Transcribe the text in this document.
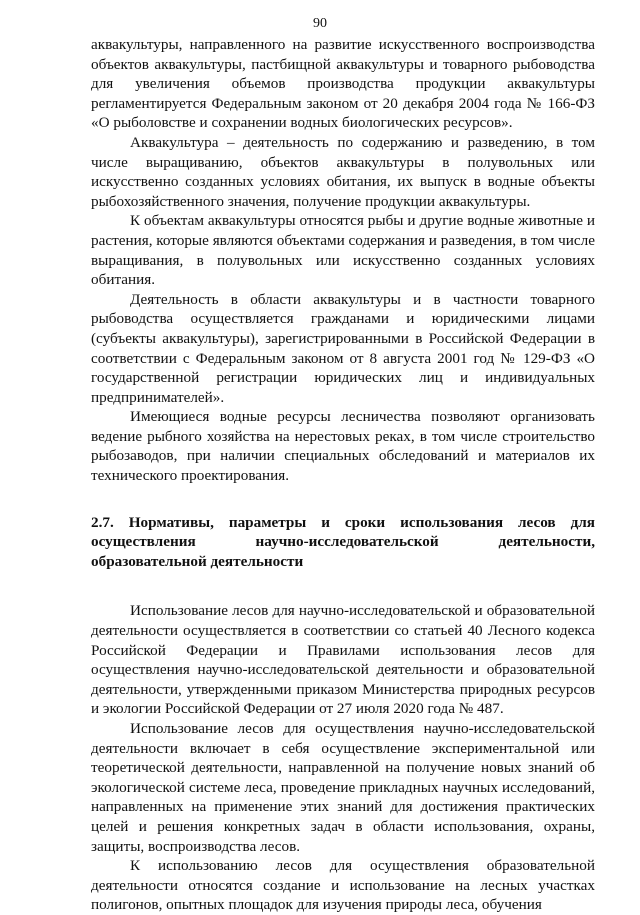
90

аквакультуры, направленного на развитие искусственного воспроизводства объектов аквакультуры, пастбищной аквакультуры и товарного рыбоводства для увеличения объемов производства продукции аквакультуры регламентируется Федеральным законом от 20 декабря 2004 года № 166-ФЗ «О рыболовстве и сохранении водных биологических ресурсов».

Аквакультура – деятельность по содержанию и разведению, в том числе выращиванию, объектов аквакультуры в полувольных или искусственно созданных условиях обитания, их выпуск в водные объекты рыбохозяйственного значения, получение продукции аквакультуры.

К объектам аквакультуры относятся рыбы и другие водные животные и растения, которые являются объектами содержания и разведения, в том числе выращивания, в полувольных или искусственно созданных условиях обитания.

Деятельность в области аквакультуры и в частности товарного рыбоводства осуществляется гражданами и юридическими лицами (субъекты аквакультуры), зарегистрированными в Российской Федерации в соответствии с Федеральным законом от 8 августа 2001 год № 129-ФЗ «О государственной регистрации юридических лиц и индивидуальных предпринимателей».

Имеющиеся водные ресурсы лесничества позволяют организовать ведение рыбного хозяйства на нерестовых реках, в том числе строительство рыбозаводов, при наличии специальных обследований и материалов их технического проектирования.

2.7. Нормативы, параметры и сроки использования лесов для осуществления научно-исследовательской деятельности, образовательной деятельности

Использование лесов для научно-исследовательской и образовательной деятельности осуществляется в соответствии со статьей 40 Лесного кодекса Российской Федерации и Правилами использования лесов для осуществления научно-исследовательской деятельности и образовательной деятельности, утвержденными приказом Министерства природных ресурсов и экологии Российской Федерации от 27 июля 2020 года № 487.

Использование лесов для осуществления научно-исследовательской деятельности включает в себя осуществление экспериментальной или теоретической деятельности, направленной на получение новых знаний об экологической системе леса, проведение прикладных научных исследований, направленных на применение этих знаний для достижения практических целей и решения конкретных задач в области использования, охраны, защиты, воспроизводства лесов.

К использованию лесов для осуществления образовательной деятельности относятся создание и использование на лесных участках полигонов, опытных площадок для изучения природы леса, обучения
